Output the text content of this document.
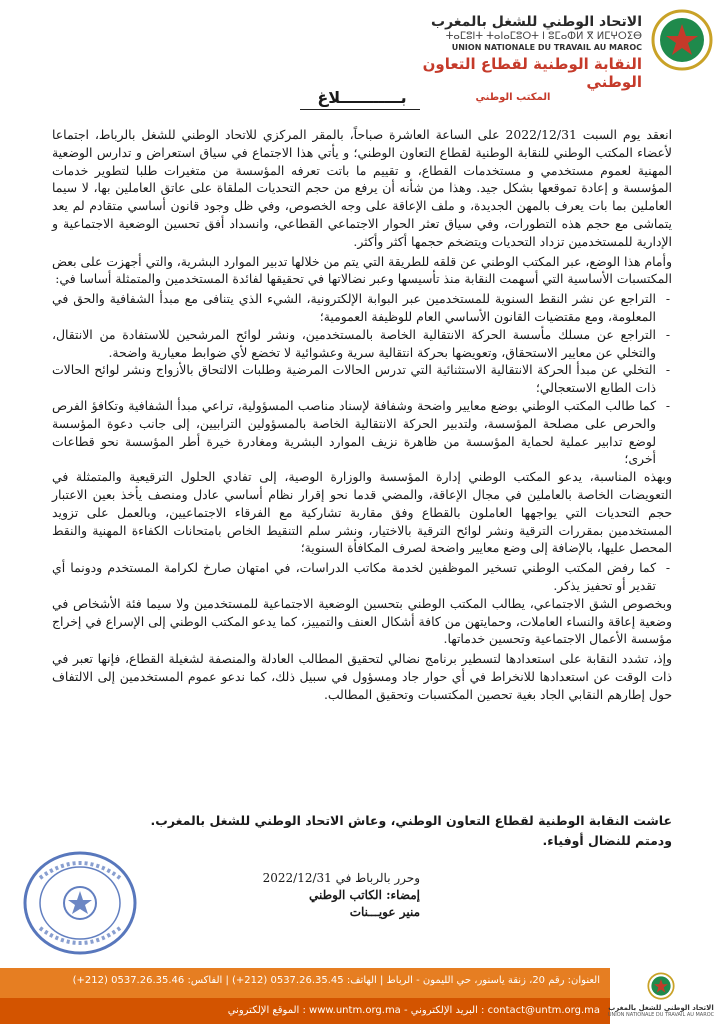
الاتحاد الوطني للشغل بالمغرب
ⵜⴰⵎⵓⵏⵜ ⵜⴰⵏⴰⵎⵓⵔⵜ ⵏ ⵓⵎⴰⵀⵍ ⴳ ⵍⵎⵖⵔⵉⴱ
UNION NATIONALE DU TRAVAIL AU MAROC
النقابة الوطنية لقطاع التعاون الوطني
المكتب الوطني
بـــــــــــلاغ

انعقد يوم السبت 2022/12/31 على الساعة العاشرة صباحاً، بالمقر المركزي للاتحاد الوطني للشغل بالرباط، اجتماعا لأعضاء المكتب الوطني للنقابة الوطنية لقطاع التعاون الوطني؛ و يأتي هذا الاجتماع في سياق استعراض و تدارس الوضعية المهنية لعموم مستخدمي و مستخدمات القطاع، و تقييم ما باتت تعرفه المؤسسة من متغيرات طلبا لتطوير خدمات المؤسسة و إعادة تموقعها بشكل جيد. وهذا من شأنه أن يرفع من حجم التحديات الملقاة على عاتق العاملين بها، لا سيما العاملين بما بات يعرف بالمهن الجديدة، و ملف الإعاقة على وجه الخصوص، وفي ظل وجود قانون أساسي متقادم لم يعد يتماشى مع حجم هذه التطورات، وفي سياق تعثر الحوار الاجتماعي القطاعي، وانسداد أفق تحسين الوضعية الاجتماعية و الإدارية للمستخدمين تزداد التحديات ويتضخم حجمها أكثر وأكثر.

وأمام هذا الوضع، عبر المكتب الوطني عن قلقه للطريقة التي يتم من خلالها تدبير الموارد البشرية، والتي أجهزت على بعض المكتسبات الأساسية التي أسهمت النقابة منذ تأسيسها وعبر نضالاتها في تحقيقها لفائدة المستخدمين والمتمثلة أساسا في:

- التراجع عن نشر النقط السنوية للمستخدمين عبر البوابة الإلكترونية، الشيء الذي يتنافى مع مبدأ الشفافية والحق في المعلومة، ومع مقتضيات القانون الأساسي العام للوظيفة العمومية؛
- التراجع عن مسلك مأسسة الحركة الانتقالية الخاصة بالمستخدمين، ونشر لوائح المرشحين للاستفادة من الانتقال، والتخلي عن معايير الاستحقاق، وتعويضها بحركة انتقالية سرية وعشوائية لا تخضع لأي ضوابط معيارية واضحة.
- التخلي عن مبدأ الحركة الانتقالية الاستثنائية التي تدرس الحالات المرضية وطلبات الالتحاق بالأزواج ونشر لوائح الحالات ذات الطابع الاستعجالي؛
- كما طالب المكتب الوطني بوضع معايير واضحة وشفافة لإسناد مناصب المسؤولية، تراعي مبدأ الشفافية وتكافؤ الفرص والحرص على مصلحة المؤسسة، ولتدبير الحركة الانتقالية الخاصة بالمسؤولين الترابيين، إلى جانب دعوة المؤسسة لوضع تدابير عملية لحماية المؤسسة من ظاهرة نزيف الموارد البشرية ومغادرة خيرة أطر المؤسسة نحو قطاعات أخرى؛

وبهذه المناسبة، يدعو المكتب الوطني إدارة المؤسسة والوزارة الوصية، إلى تفادي الحلول الترقيعية والمتمثلة في التعويضات الخاصة بالعاملين في مجال الإعاقة، والمضي قدما نحو إقرار نظام أساسي عادل ومنصف يأخذ بعين الاعتبار حجم التحديات التي يواجهها العاملون بالقطاع وفق مقاربة تشاركية مع الفرقاء الاجتماعيين، وبالعمل على تزويد المستخدمين بمقررات الترقية ونشر لوائح الترقية بالاختيار، ونشر سلم التنقيط الخاص بامتحانات الكفاءة المهنية والنقط المحصل عليها، بالإضافة إلى وضع معايير واضحة لصرف المكافأة السنوية؛

- كما رفض المكتب الوطني تسخير الموظفين لخدمة مكاتب الدراسات، في امتهان صارخ لكرامة المستخدم ودونما أي تقدير أو تحفيز يذكر.

وبخصوص الشق الاجتماعي، يطالب المكتب الوطني بتحسين الوضعية الاجتماعية للمستخدمين ولا سيما فئة الأشخاص في وضعية إعاقة والنساء العاملات، وحمايتهن من كافة أشكال العنف والتمييز، كما يدعو المكتب الوطني إلى الإسراع في إخراج مؤسسة الأعمال الاجتماعية وتحسين خدماتها.

وإذ، تشدد النقابة على استعدادها لتسطير برنامج نضالي لتحقيق المطالب العادلة والمنصفة لشغيلة القطاع، فإنها تعبر في ذات الوقت عن استعدادها للانخراط في أي حوار جاد ومسؤول في سبيل ذلك، كما ندعو عموم المستخدمين إلى الالتفاف حول إطارهم النقابي الجاد بغية تحصين المكتسبات وتحقيق المطالب.

عاشت النقابة الوطنية لقطاع التعاون الوطني، وعاش الاتحاد الوطني للشغل بالمغرب.
ودمتم للنضال أوفياء.
وحرر بالرباط في 2022/12/31
إمضاء: الكاتب الوطني
منير عويـــنات
العنوان: رقم 20، زنقة ياسنور، حي الليمون - الرباط | الهاتف: 0537.26.35.45 (212+) | الفاكس: 0537.26.35.46 (212+)
contact@untm.org.ma : البريد الإلكتروني - www.untm.org.ma : الموقع الإلكتروني	الاتحاد الوطني للشغل بالمغرب
UNION NATIONALE DU TRAVAIL AU MAROC
